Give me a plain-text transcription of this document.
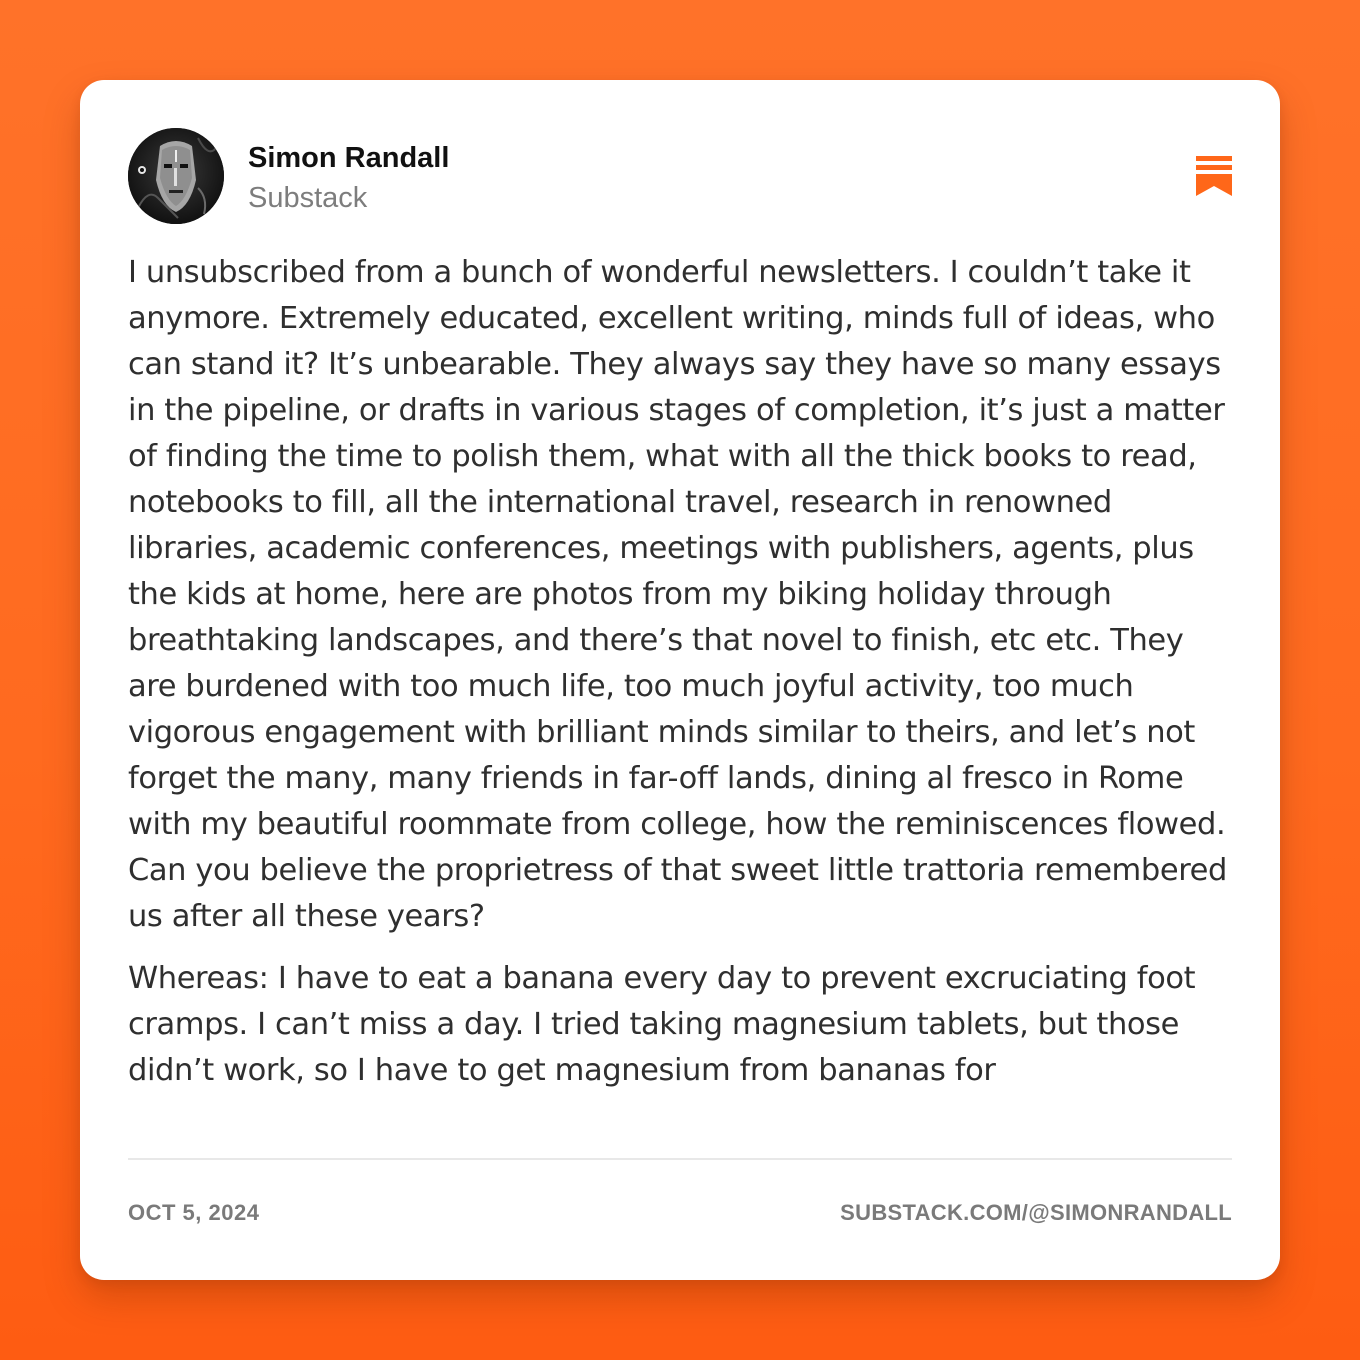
Simon Randall
Substack

I unsubscribed from a bunch of wonderful newsletters. I couldn’t take it anymore. Extremely educated, excellent writing, minds full of ideas, who can stand it? It’s unbearable. They always say they have so many essays in the pipeline, or drafts in various stages of completion, it’s just a matter of finding the time to polish them, what with all the thick books to read, notebooks to fill, all the international travel, research in renowned libraries, academic conferences, meetings with publishers, agents, plus the kids at home, here are photos from my biking holiday through breathtaking landscapes, and there’s that novel to finish, etc etc. They are burdened with too much life, too much joyful activity, too much vigorous engagement with brilliant minds similar to theirs, and let’s not forget the many, many friends in far-off lands, dining al fresco in Rome with my beautiful roommate from college, how the reminiscences flowed. Can you believe the proprietress of that sweet little trattoria remembered us after all these years?

Whereas: I have to eat a banana every day to prevent excruciating foot cramps. I can’t miss a day. I tried taking magnesium tablets, but those didn’t work, so I have to get magnesium from bananas for

OCT 5, 2024	SUBSTACK.COM/@SIMONRANDALL
